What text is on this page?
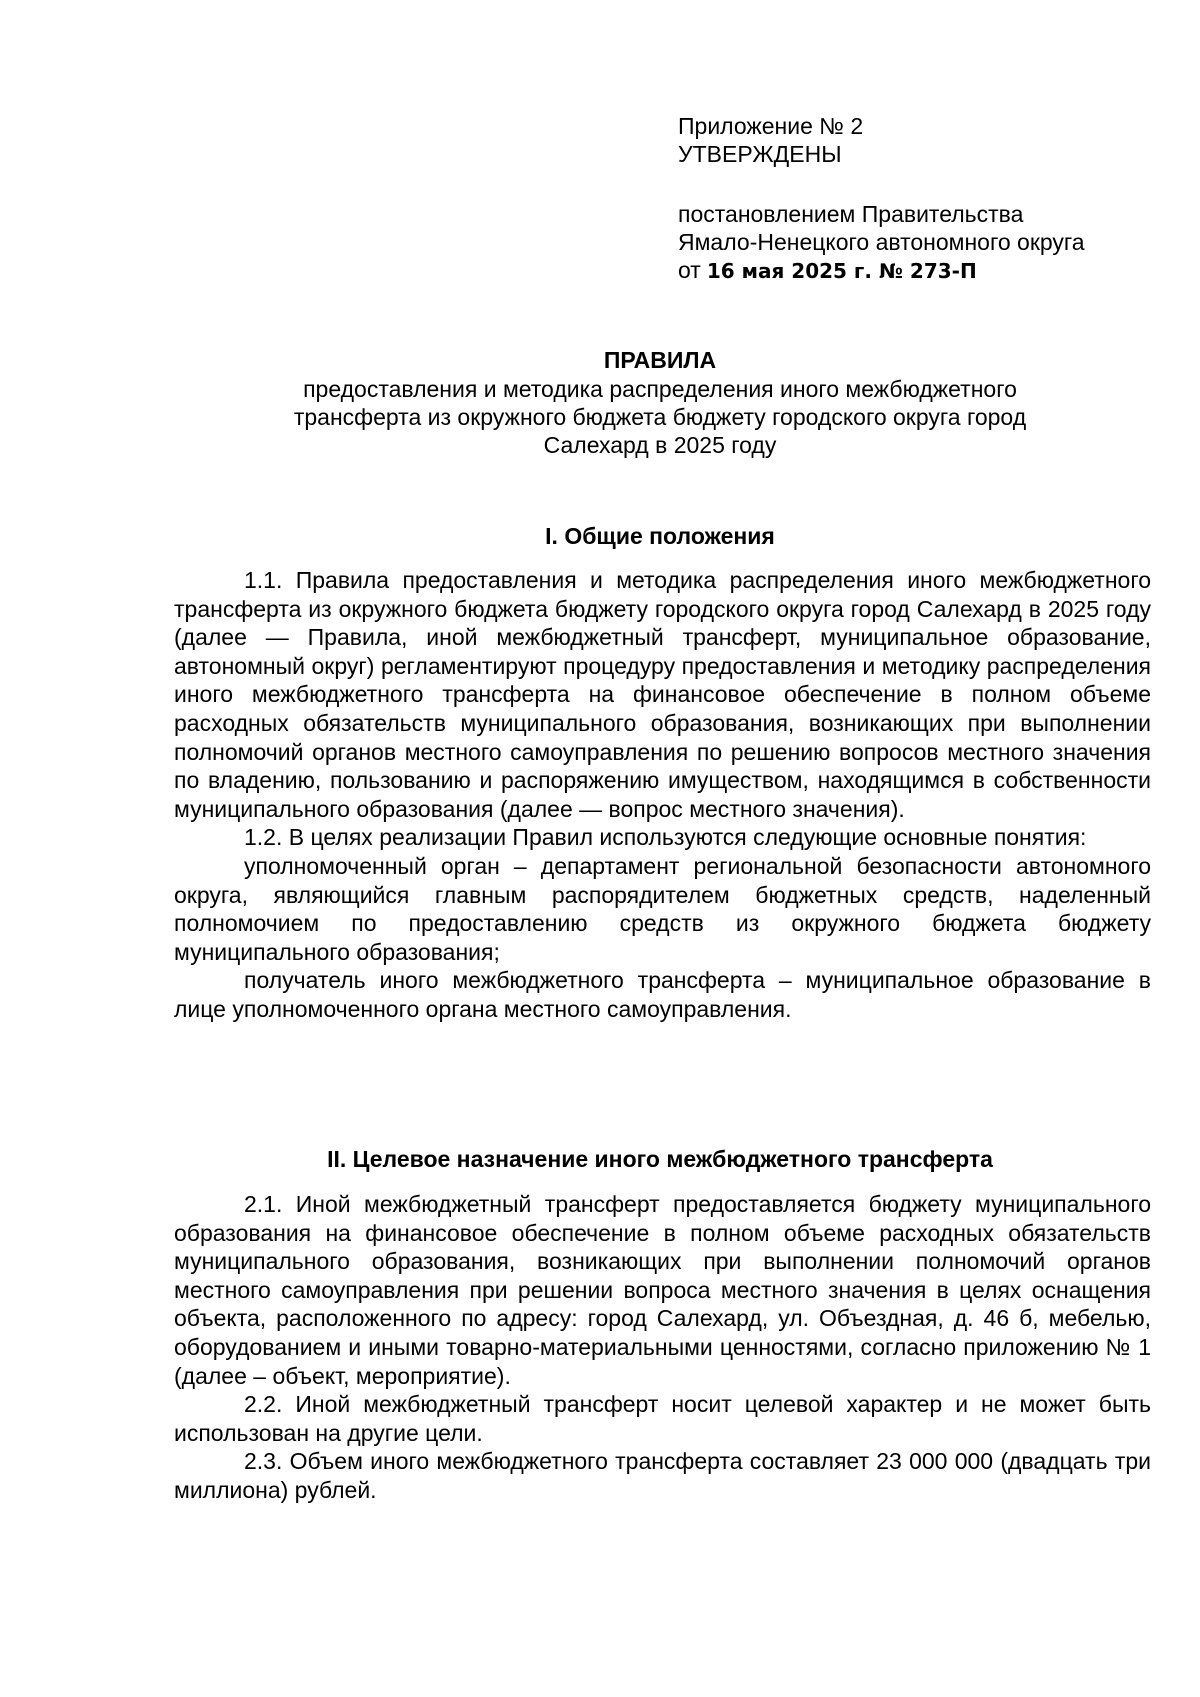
Приложение № 2
УТВЕРЖДЕНЫ
постановлением Правительства
Ямало-Ненецкого автономного округа
от 16 мая 2025 г. № 273-П
ПРАВИЛА
предоставления и методика распределения иного межбюджетного
трансферта из окружного бюджета бюджету городского округа город
Салехард в 2025 году
I. Общие положения

1.1. Правила предоставления и методика распределения иного межбюджетного трансферта из окружного бюджета бюджету городского округа город Салехард в 2025 году (далее — Правила, иной межбюджетный трансферт, муниципальное образование, автономный округ) регламентируют процедуру предоставления и методику распределения иного межбюджетного трансферта на финансовое обеспечение в полном объеме расходных обязательств муниципального образования, возникающих при выполнении полномочий органов местного самоуправления по решению вопросов местного значения по владению, пользованию и распоряжению имуществом, находящимся в собственности муниципального образования (далее — вопрос местного значения).

1.2. В целях реализации Правил используются следующие основные понятия:

уполномоченный орган – департамент региональной безопасности автономного округа, являющийся главным распорядителем бюджетных средств, наделенный полномочием по предоставлению средств из окружного бюджета бюджету муниципального образования;

получатель иного межбюджетного трансферта – муниципальное образование в лице уполномоченного органа местного самоуправления.

II. Целевое назначение иного межбюджетного трансферта

2.1. Иной межбюджетный трансферт предоставляется бюджету муниципального образования на финансовое обеспечение в полном объеме расходных обязательств муниципального образования, возникающих при выполнении полномочий органов местного самоуправления при решении вопроса местного значения в целях оснащения объекта, расположенного по адресу: город Салехард, ул. Объездная, д. 46 б, мебелью, оборудованием и иными товарно-материальными ценностями, согласно приложению № 1 (далее – объект, мероприятие).

2.2. Иной межбюджетный трансферт носит целевой характер и не может быть использован на другие цели.

2.3. Объем иного межбюджетного трансферта составляет 23 000 000 (двадцать три миллиона) рублей.
